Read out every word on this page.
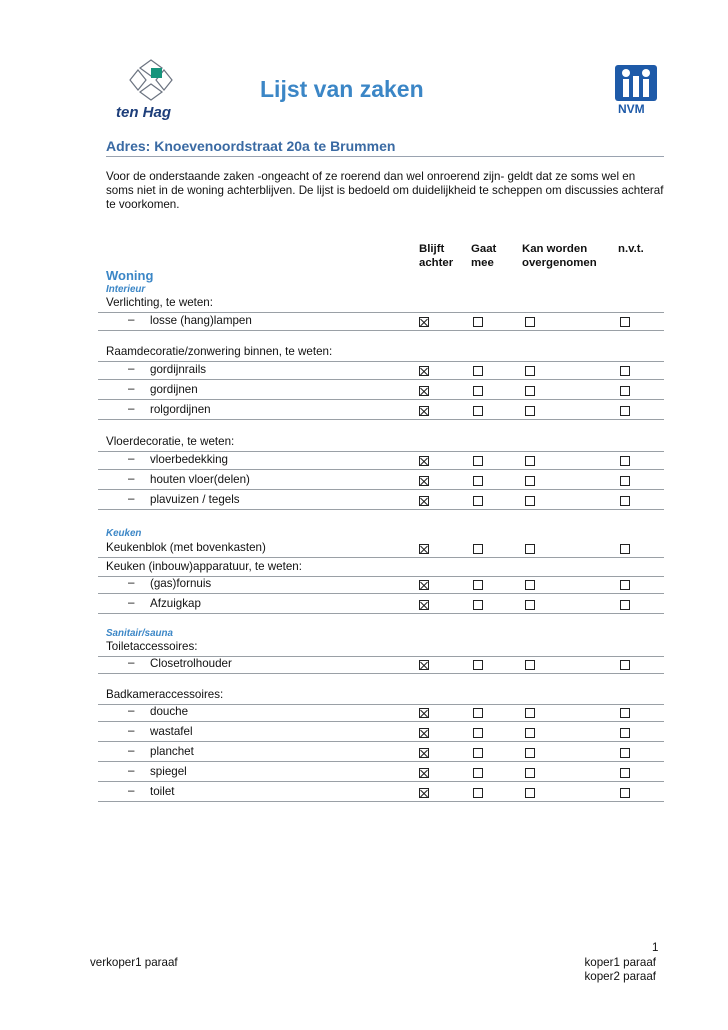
ten Hag
Lijst van zaken
NVM
Adres: Knoevenoordstraat 20a te Brummen
Voor de onderstaande zaken -ongeacht of ze roerend dan wel onroerend zijn- geldt dat ze soms wel en soms niet in de woning achterblijven. De lijst is bedoeld om duidelijkheid te scheppen om discussies achteraf te voorkomen.
Blijft
achter
Gaat
mee
Kan worden
overgenomen
n.v.t.
Woning
Interieur
Verlichting, te weten:
– losse (hang)lampen
Raamdecoratie/zonwering binnen, te weten:
– gordijnrails
– gordijnen
– rolgordijnen
Vloerdecoratie, te weten:
– vloerbedekking
– houten vloer(delen)
– plavuizen / tegels
Keuken
Keukenblok (met bovenkasten)
Keuken (inbouw)apparatuur, te weten:
– (gas)fornuis
– Afzuigkap
Sanitair/sauna
Toiletaccessoires:
– Closetrolhouder
Badkameraccessoires:
– douche
– wastafel
– planchet
– spiegel
– toilet
1
verkoper1 paraaf	koper1 paraaf
koper2 paraaf
